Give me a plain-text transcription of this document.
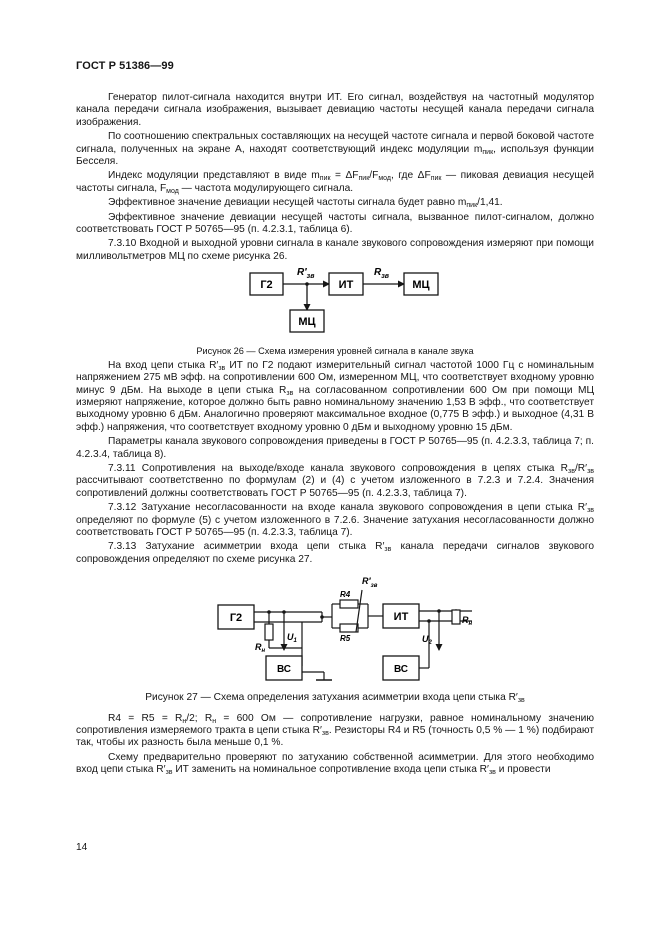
ГОСТ Р 51386—99

Генератор пилот-сигнала находится внутри ИТ. Его сигнал, воздействуя на частотный модулятор канала передачи сигнала изображения, вызывает девиацию частоты несущей канала передачи сигнала изображения.

По соотношению спектральных составляющих на несущей частоте сигнала и первой боковой частоте сигнала, полученных на экране А, находят соответствующий индекс модуляции $m_{пик}$, используя функции Бесселя.

Индекс модуляции представляют в виде $m_{пик} = \Delta F_{пик}/F_{мод}$, где $\Delta F_{пик}$ — пиковая девиация несущей частоты сигнала, $F_{мод}$ — частота модулирующего сигнала.

Эффективное значение девиации несущей частоты сигнала будет равно $m_{пик}/1,41$.

Эффективное значение девиации несущей частоты сигнала, вызванное пилот-сигналом, должно соответствовать ГОСТ Р 50765—95 (п. 4.2.3.1, таблица 6).

7.3.10 Входной и выходной уровни сигнала в канале звукового сопровождения измеряют при помощи милливольтметров МЦ по схеме рисунка 26.

Г2
$R'_{зв}$
ИТ
$R_{зв}$
МЦ
МЦ

Рисунок 26 — Схема измерения уровней сигнала в канале звука

На вход цепи стыка $R'_{зв}$ ИТ по Г2 подают измерительный сигнал частотой 1000 Гц с номинальным напряжением 275 мВ эфф. на сопротивлении 600 Ом, измеренном МЦ, что соответствует входному уровню минус 9 дБм. На выходе в цепи стыка $R_{зв}$ на согласованном сопротивлении 600 Ом при помощи МЦ измеряют напряжение, которое должно быть равно номинальному значению 1,53 В эфф., что соответствует выходному уровню 6 дБм. Аналогично проверяют максимальное входное (0,775 В эфф.) и выходное (4,31 В эфф.) напряжения, что соответствует входному уровню 0 дБм и выходному уровню 15 дБм.

Параметры канала звукового сопровождения приведены в ГОСТ Р 50765—95 (п. 4.2.3.3, таблица 7; п. 4.2.3.4, таблица 8).

7.3.11 Сопротивления на выходе/входе канала звукового сопровождения в цепях стыка $R_{зв}/R'_{зв}$ рассчитывают соответственно по формулам (2) и (4) с учетом изложенного в 7.2.3 и 7.2.4. Значения сопротивлений должны соответствовать ГОСТ Р 50765—95 (п. 4.2.3.3, таблица 7).

7.3.12 Затухание несогласованности на входе канала звукового сопровождения в цепи стыка $R'_{зв}$ определяют по формуле (5) с учетом изложенного в 7.2.6. Значение затухания несогласованности должно соответствовать ГОСТ Р 50765—95 (п. 4.2.3.3, таблица 7).

7.3.13 Затухание асимметрии входа цепи стыка $R'_{зв}$ канала передачи сигналов звукового сопровождения определяют по схеме рисунка 27.

Г2
$R_н$
$U_1$
ВС
R4
R5
$R'_{зв}$
ИТ
$U_2$
ВС
$R_н$

Рисунок 27 — Схема определения затухания асимметрии входа цепи стыка $R'_{зв}$

$R4 = R5 = R_н/2$; $R_н = 600$ Ом — сопротивление нагрузки, равное номинальному значению сопротивления измеряемого тракта в цепи стыка $R'_{зв}$. Резисторы R4 и R5 (точность 0,5 % — 1 %) подбирают так, чтобы их разность была меньше 0,1 %.

Схему предварительно проверяют по затуханию собственной асимметрии. Для этого необходимо вход цепи стыка $R'_{зв}$ ИТ заменить на номинальное сопротивление входа цепи стыка $R'_{зв}$ и провести

14
